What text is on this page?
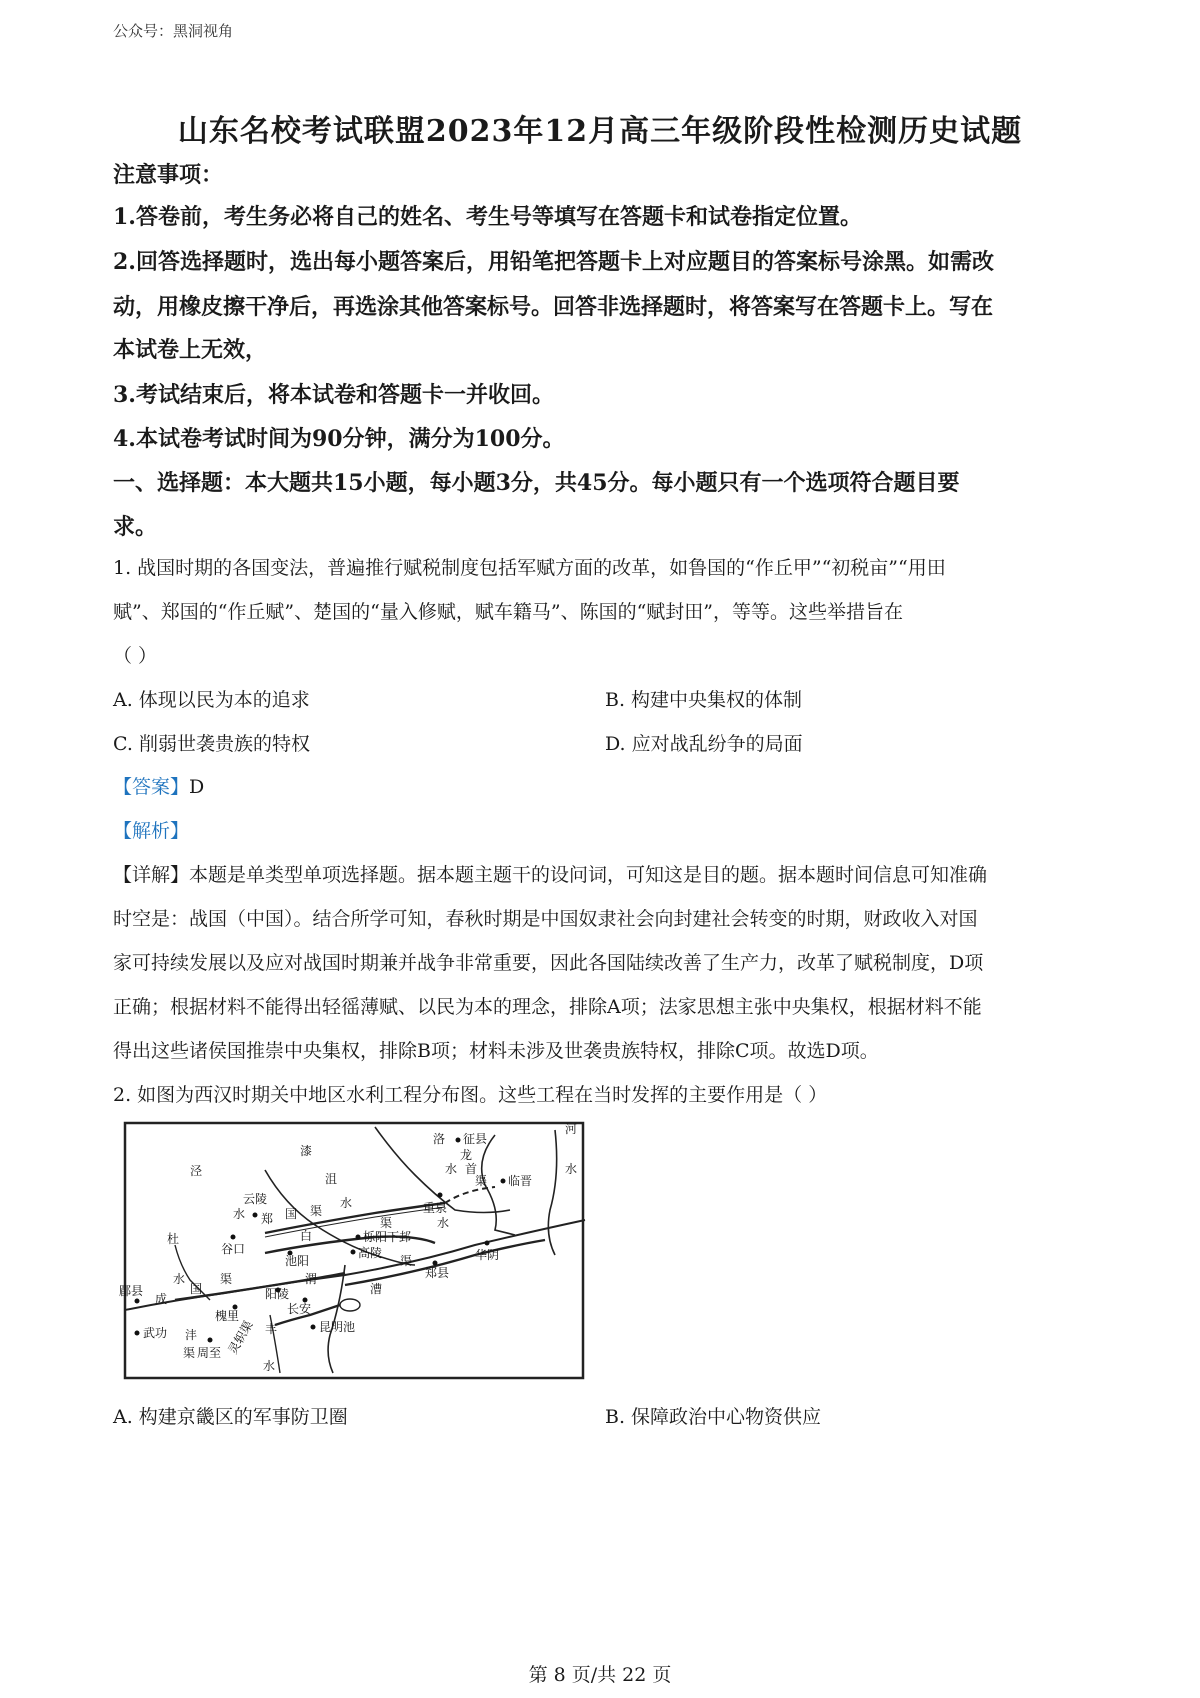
公众号：黑洞视角
山东名校考试联盟2023年12月高三年级阶段性检测历史试题
注意事项：
1.答卷前，考生务必将自己的姓名、考生号等填写在答题卡和试卷指定位置。
2.回答选择题时，选出每小题答案后，用铅笔把答题卡上对应题目的答案标号涂黑。如需改
动，用橡皮擦干净后，再选涂其他答案标号。回答非选择题时，将答案写在答题卡上。写在
本试卷上无效，
3.考试结束后，将本试卷和答题卡一并收回。
4.本试卷考试时间为90分钟，满分为100分。
一、选择题：本大题共15小题，每小题3分，共45分。每小题只有一个选项符合题目要
求。
1. 战国时期的各国变法，普遍推行赋税制度包括军赋方面的改革，如鲁国的“作丘甲”“初税亩”“用田
赋”、郑国的“作丘赋”、楚国的“量入修赋，赋车籍马”、陈国的“赋封田”，等等。这些举措旨在
（ ）
A. 体现以民为本的追求	B. 构建中央集权的体制
C. 削弱世袭贵族的特权	D. 应对战乱纷争的局面
【答案】D
【解析】
【详解】本题是单类型单项选择题。据本题主题干的设问词，可知这是目的题。据本题时间信息可知准确
时空是：战国（中国）。结合所学可知，春秋时期是中国奴隶社会向封建社会转变的时期，财政收入对国
家可持续发展以及应对战国时期兼并战争非常重要，因此各国陆续改善了生产力，改革了赋税制度，D项
正确；根据材料不能得出轻徭薄赋、以民为本的理念，排除A项；法家思想主张中央集权，根据材料不能
得出这些诸侯国推崇中央集权，排除B项；材料未涉及世袭贵族特权，排除C项。故选D项。
2. 如图为西汉时期关中地区水利工程分布图。这些工程在当时发挥的主要作用是（ ）
洛 征县
河
龙
水 首	水
渠 临晋
泾
漆
沮
水	重泉
云陵
水 郑 国 渠
渠	水
白	栎阳
高陵
下邽
华阴
谷口
池阳	渠
郑县
杜
水
国
渠
阳陵
渭
漕
郿县
成
槐里	长安
武功 沣	丰	昆明池
渠 周至 灵轵渠
水
A. 构建京畿区的军事防卫圈	B. 保障政治中心物资供应
第 8 页/共 22 页
